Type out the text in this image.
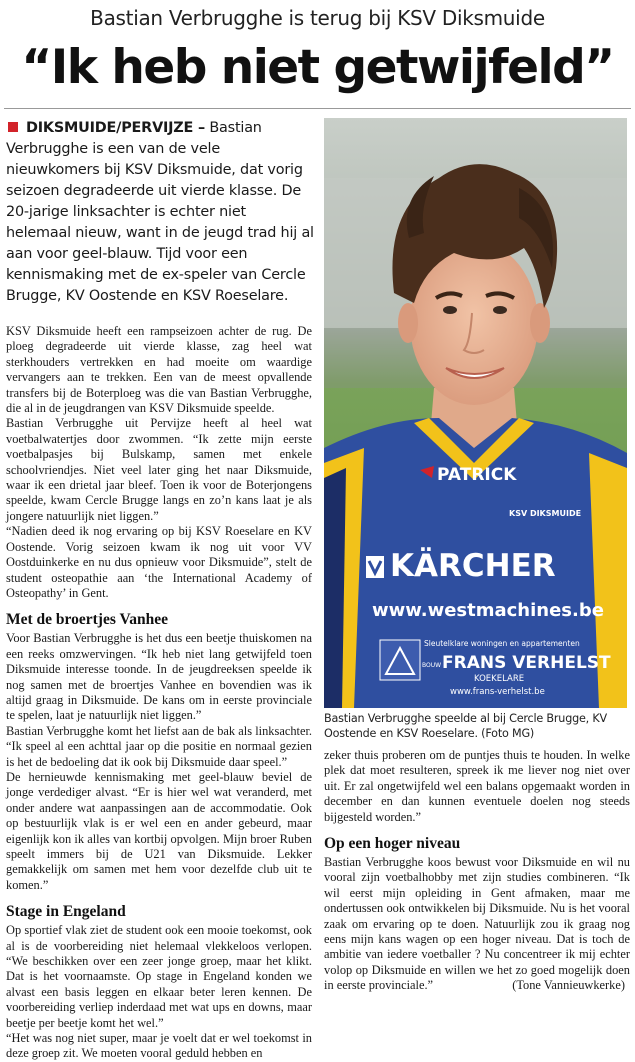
Bastian Verbrugghe is terug bij KSV Diksmuide
“Ik heb niet getwijfeld”
DIKSMUIDE/PERVIJZE – Bastian Verbrugghe is een van de vele nieuwkomers bij KSV Diksmuide, dat vorig seizoen degradeerde uit vierde klasse. De 20-jarige linksachter is echter niet helemaal nieuw, want in de jeugd trad hij al aan voor geel-blauw. Tijd voor een kennismaking met de ex-speler van Cercle Brugge, KV Oostende en KSV Roeselare.

KSV Diksmuide heeft een rampseizoen achter de rug. De ploeg degradeerde uit vierde klasse, zag heel wat sterkhouders vertrekken en had moeite om waardige vervangers aan te trekken. Een van de meest opvallende transfers bij de Boterploeg was die van Bastian Verbrugghe, die al in de jeugdrangen van KSV Diksmuide speelde.

Bastian Verbrugghe uit Pervijze heeft al heel wat voetbalwatertjes door zwommen. “Ik zette mijn eerste voetbalpasjes bij Bulskamp, samen met enkele schoolvriendjes. Niet veel later ging het naar Diksmuide, waar ik een drietal jaar bleef. Toen ik voor de Boterjongens speelde, kwam Cercle Brugge langs en zo’n kans laat je als jongere natuurlijk niet liggen.”

“Nadien deed ik nog ervaring op bij KSV Roeselare en KV Oostende. Vorig seizoen kwam ik nog uit voor VV Oostduinkerke en nu dus opnieuw voor Diksmuide”, stelt de student osteopathie aan ‘the International Academy of Osteopathy’ in Gent.

Met de broertjes Vanhee

Voor Bastian Verbrugghe is het dus een beetje thuiskomen na een reeks omzwervingen. “Ik heb niet lang getwijfeld toen Diksmuide interesse toonde. In de jeugdreeksen speelde ik nog samen met de broertjes Vanhee en bovendien was ik altijd graag in Diksmuide. De kans om in eerste provinciale te spelen, laat je natuurlijk niet liggen.”

Bastian Verbrugghe komt het liefst aan de bak als linksachter. “Ik speel al een achttal jaar op die positie en normaal gezien is het de bedoeling dat ik ook bij Diksmuide daar speel.”

De hernieuwde kennismaking met geel-blauw beviel de jonge verdediger alvast. “Er is hier wel wat veranderd, met onder andere wat aanpassingen aan de accommodatie. Ook op bestuurlijk vlak is er wel een en ander gebeurd, maar eigenlijk kon ik alles van kortbij opvolgen. Mijn broer Ruben speelt immers bij de U21 van Diksmuide. Lekker gemakkelijk om samen met hem voor dezelfde club uit te komen.”

Stage in Engeland

Op sportief vlak ziet de student ook een mooie toekomst, ook al is de voorbereiding niet helemaal vlekkeloos verlopen. “We beschikken over een zeer jonge groep, maar het klikt. Dat is het voornaamste. Op stage in Engeland konden we alvast een basis leggen en elkaar beter leren kennen. De voorbereiding verliep inderdaad met wat ups en downs, maar beetje per beetje komt het wel.”

“Het was nog niet super, maar je voelt dat er wel toekomst in deze groep zit. We moeten vooral geduld hebben en

PATRICK
KSV DIKSMUIDE
KÄRCHER
www.westmachines.be
Sleutelklare woningen en appartementen
BOUW FRANS VERHELST
KOEKELARE
www.frans-verhelst.be
Bastian Verbrugghe speelde al bij Cercle Brugge, KV Oostende en KSV Roeselare. (Foto MG)

zeker thuis proberen om de puntjes thuis te houden. In welke plek dat moet resulteren, spreek ik me liever nog niet over uit. Er zal ongetwijfeld wel een balans opgemaakt worden in december en dan kunnen eventuele doelen nog steeds bijgesteld worden.”

Op een hoger niveau

Bastian Verbrugghe koos bewust voor Diksmuide en wil nu vooral zijn voetbalhobby met zijn studies combineren. “Ik wil eerst mijn opleiding in Gent afmaken, maar me ondertussen ook ontwikkelen bij Diksmuide. Nu is het vooral zaak om ervaring op te doen. Natuurlijk zou ik graag nog eens mijn kans wagen op een hoger niveau. Dat is toch de ambitie van iedere voetballer ? Nu concentreer ik mij echter volop op Diksmuide en willen we het zo goed mogelijk doen in eerste provinciale.”	(Tone Vannieuwkerke)
